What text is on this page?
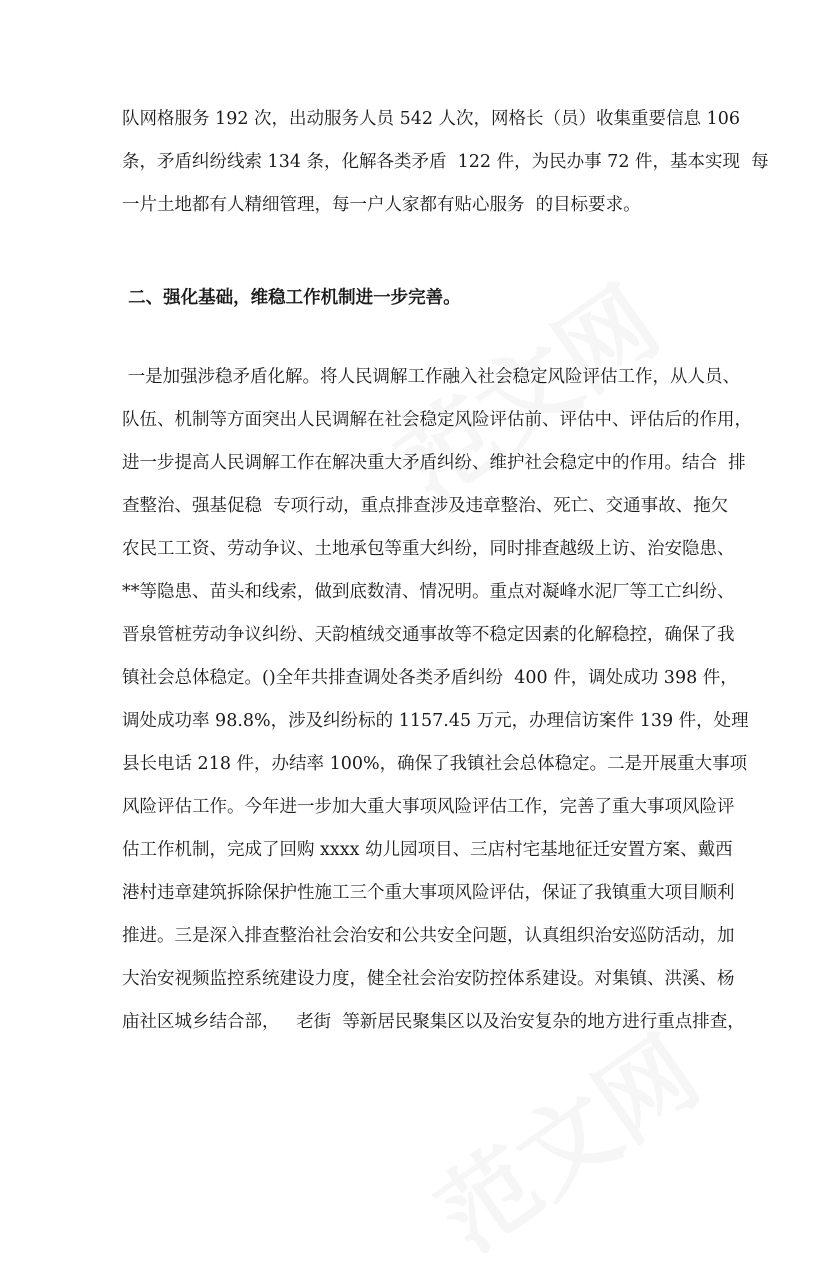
队网格服务 192 次，出动服务人员 542 人次，网格长（员）收集重要信息 106
条，矛盾纠纷线索 134 条，化解各类矛盾  122 件，为民办事 72 件，基本实现  每
一片土地都有人精细管理，每一户人家都有贴心服务  的目标要求。
二、强化基础，维稳工作机制进一步完善。
一是加强涉稳矛盾化解。将人民调解工作融入社会稳定风险评估工作，从人员、
队伍、机制等方面突出人民调解在社会稳定风险评估前、评估中、评估后的作用，
进一步提高人民调解工作在解决重大矛盾纠纷、维护社会稳定中的作用。结合  排
查整治、强基促稳  专项行动，重点排查涉及违章整治、死亡、交通事故、拖欠
农民工工资、劳动争议、土地承包等重大纠纷，同时排查越级上访、治安隐患、
**等隐患、苗头和线索，做到底数清、情况明。重点对凝峰水泥厂等工亡纠纷、
晋泉管桩劳动争议纠纷、天韵植绒交通事故等不稳定因素的化解稳控，确保了我
镇社会总体稳定。()全年共排查调处各类矛盾纠纷  400 件，调处成功 398 件，
调处成功率 98.8%，涉及纠纷标的 1157.45 万元，办理信访案件 139 件，处理
县长电话 218 件，办结率 100%，确保了我镇社会总体稳定。二是开展重大事项
风险评估工作。今年进一步加大重大事项风险评估工作，完善了重大事项风险评
估工作机制，完成了回购 xxxx 幼儿园项目、三店村宅基地征迁安置方案、戴西
港村违章建筑拆除保护性施工三个重大事项风险评估，保证了我镇重大项目顺利
推进。三是深入排查整治社会治安和公共安全问题，认真组织治安巡防活动，加
大治安视频监控系统建设力度，健全社会治安防控体系建设。对集镇、洪溪、杨
庙社区城乡结合部，   老街  等新居民聚集区以及治安复杂的地方进行重点排查，
